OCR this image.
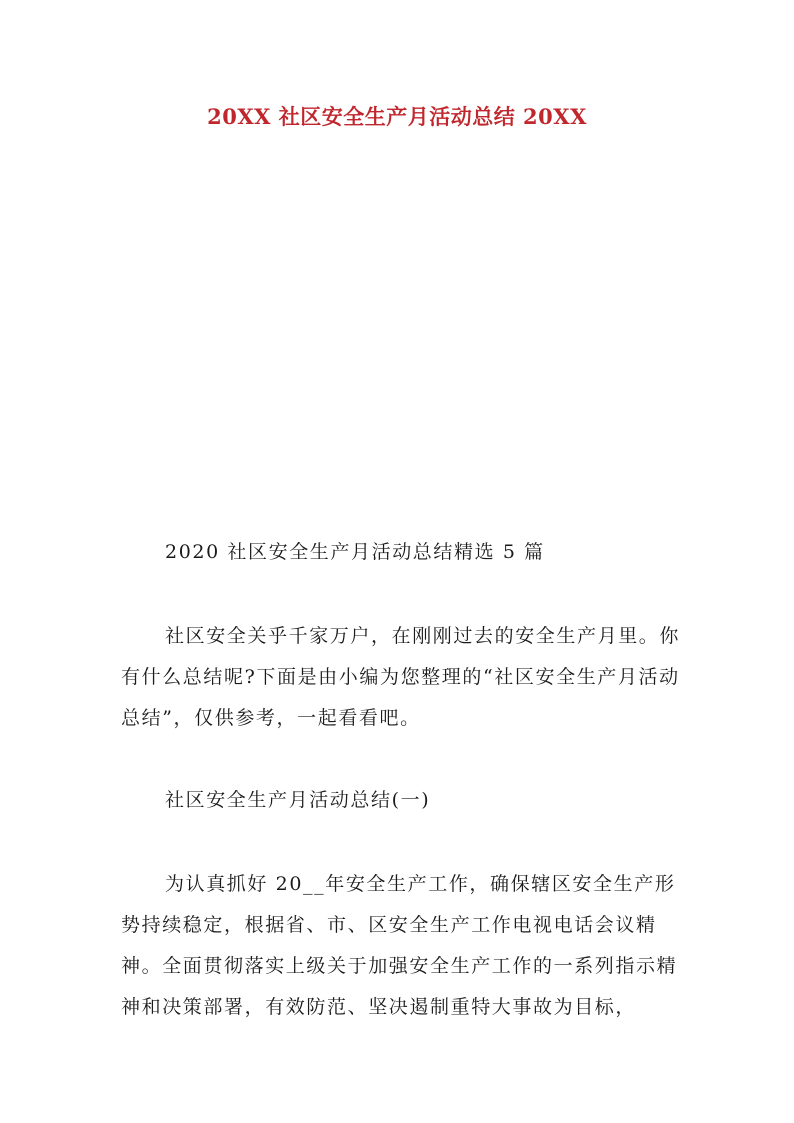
20XX 社区安全生产月活动总结 20XX

2020 社区安全生产月活动总结精选 5 篇

社区安全关乎千家万户，在刚刚过去的安全生产月里。你有什么总结呢?下面是由小编为您整理的“社区安全生产月活动总结”，仅供参考，一起看看吧。

社区安全生产月活动总结(一)

为认真抓好 20__年安全生产工作，确保辖区安全生产形势持续稳定，根据省、市、区安全生产工作电视电话会议精神。全面贯彻落实上级关于加强安全生产工作的一系列指示精神和决策部署，有效防范、坚决遏制重特大事故为目标，
